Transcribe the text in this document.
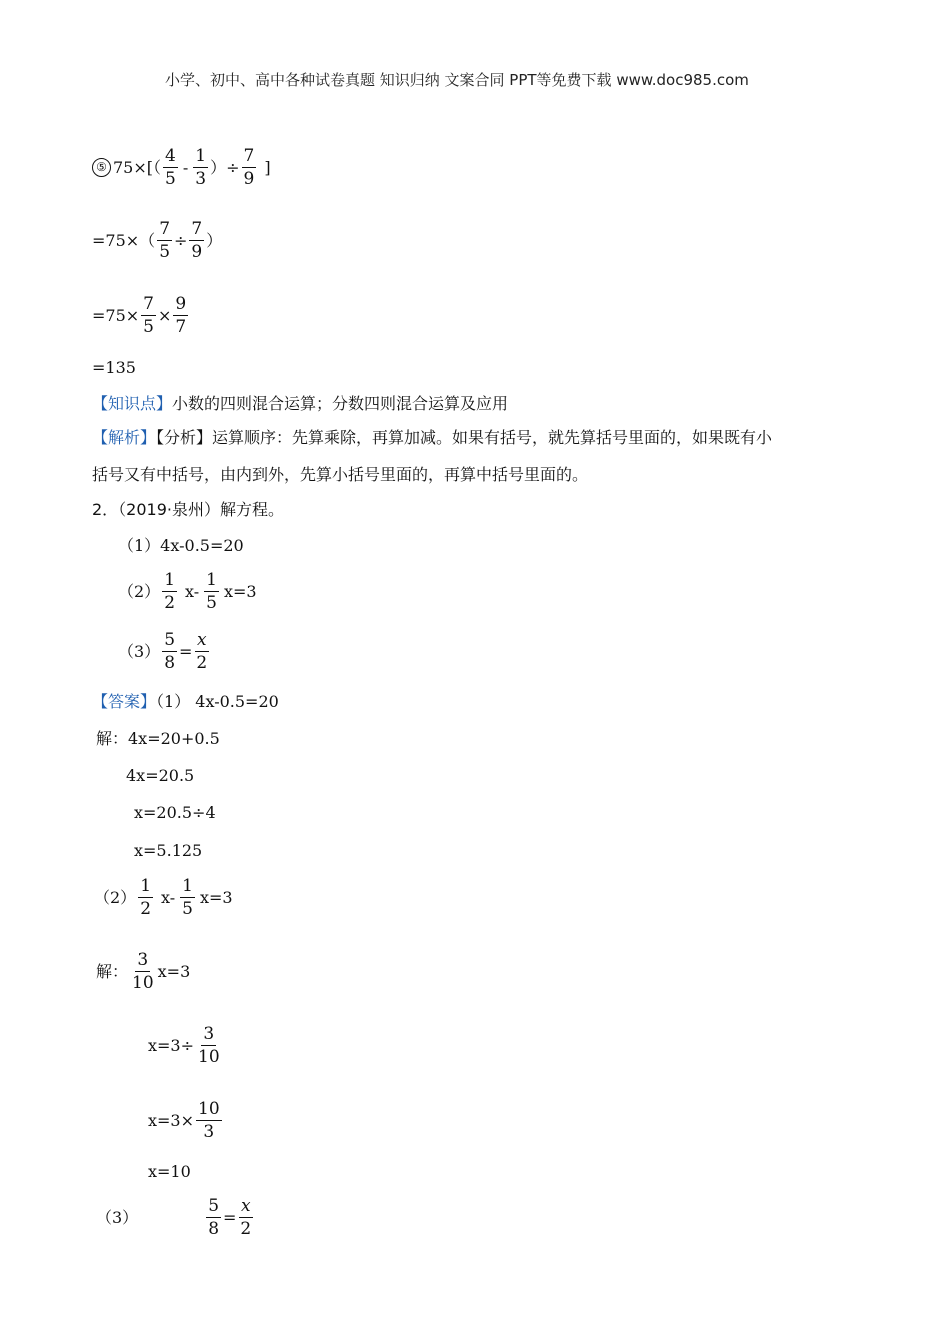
小学、初中、高中各种试卷真题 知识归纳 文案合同 PPT等免费下载 www.doc985.com
⑤ $75\times[( \frac{4}{5} - \frac{1}{3}$ ）÷ $\frac{7}{9}$ ]
$=75\times( \frac{7}{5} \div \frac{7}{9}$ ）
$=75\times \frac{7}{5} \times \frac{9}{7}$
=135
【知识点】小数的四则混合运算；分数四则混合运算及应用
【解析】【分析】运算顺序：先算乘除，再算加减。如果有括号，就先算括号里面的，如果既有小
括号又有中括号，由内到外，先算小括号里面的，再算中括号里面的。
2．（2019·泉州）解方程。
（1）4x-0.5=20
$(2) \frac{1}{2} x- \frac{1}{5} x=3$
$(3) \frac{5}{8} = \frac{x}{2}$
【答案】（1） 4x-0.5=20
解：4x=20+0.5
4x=20.5
x=20.5÷4
x=5.125
$(2) \frac{1}{2} x- \frac{1}{5} x=3$
解： $\frac{3}{10} x=3$
$x=3\div \frac{3}{10}$
$x=3\times \frac{10}{3}$
x=10
（3）	$\frac{5}{8} = \frac{x}{2}$
